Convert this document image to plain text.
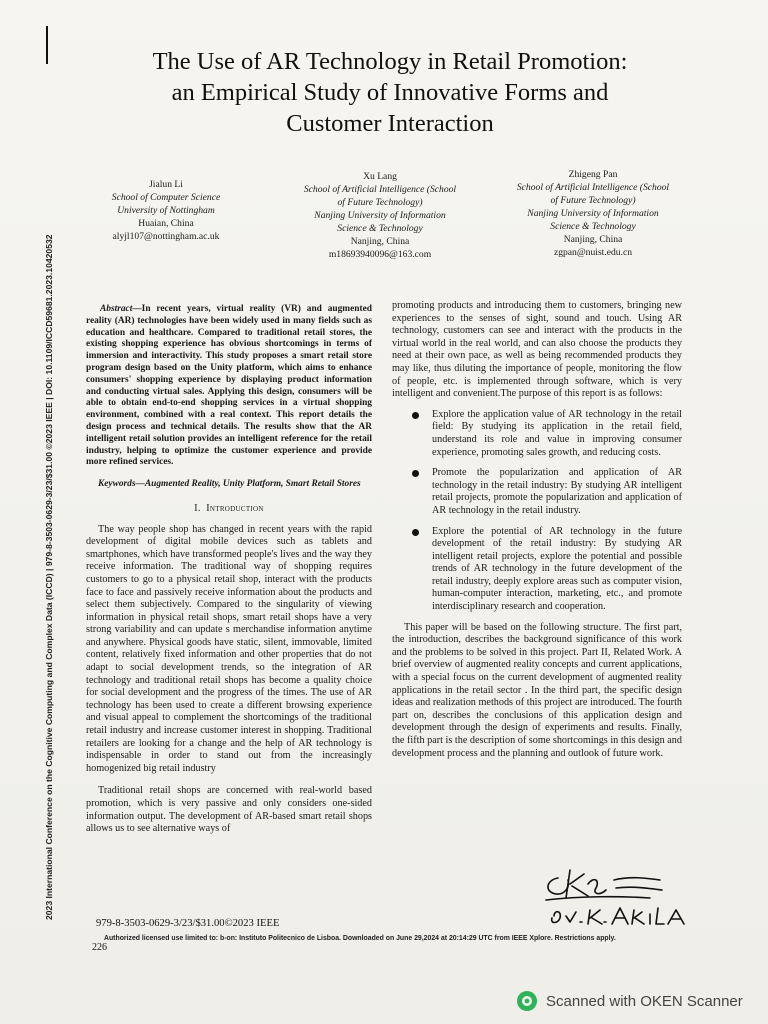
2023 International Conference on the Cognitive Computing and Complex Data (ICCD) | 979-8-3503-0629-3/23/$31.00 ©2023 IEEE | DOI: 10.1109/ICCD59681.2023.10420532
The Use of AR Technology in Retail Promotion:
an Empirical Study of Innovative Forms and
Customer Interaction
Jialun Li
School of Computer Science
University of Nottingham
Huaian, China
alyjl107@nottingham.ac.uk
Xu Lang
School of Artificial Intelligence (School
of Future Technology)
Nanjing University of Information
Science & Technology
Nanjing, China
m18693940096@163.com
Zhigeng Pan
School of Artificial Intelligence (School
of Future Technology)
Nanjing University of Information
Science & Technology
Nanjing, China
zgpan@nuist.edu.cn

Abstract—In recent years, virtual reality (VR) and augmented reality (AR) technologies have been widely used in many fields such as education and healthcare. Compared to traditional retail stores, the existing shopping experience has obvious shortcomings in terms of immersion and interactivity. This study proposes a smart retail store program design based on the Unity platform, which aims to enhance consumers' shopping experience by displaying product information and conducting virtual sales. Applying this design, consumers will be able to obtain end-to-end shopping services in a virtual shopping environment, combined with a real context. This report details the design process and technical details. The results show that the AR intelligent retail solution provides an intelligent reference for the retail industry, helping to optimize the customer experience and provide more refined services.

Keywords—Augmented Reality, Unity Platform, Smart Retail Stores

I. Introduction

The way people shop has changed in recent years with the rapid development of digital mobile devices such as tablets and smartphones, which have transformed people's lives and the way they receive information. The traditional way of shopping requires customers to go to a physical retail shop, interact with the products face to face and passively receive information about the products and select them subjectively. Compared to the singularity of viewing information in physical retail shops, smart retail shops have a very strong variability and can update s merchandise information anytime and anywhere. Physical goods have static, silent, immovable, limited content, relatively fixed information and other properties that do not adapt to social development trends, so the integration of AR technology and traditional retail shops has become a quality choice for social development and the progress of the times. The use of AR technology has been used to create a different browsing experience and visual appeal to complement the shortcomings of the traditional retail industry and increase customer interest in shopping. Traditional retailers are looking for a change and the help of AR technology is indispensable in order to stand out from the increasingly homogenized big retail industry

Traditional retail shops are concerned with real-world based promotion, which is very passive and only considers one-sided information output. The development of AR-based smart retail shops allows us to see alternative ways of

promoting products and introducing them to customers, bringing new experiences to the senses of sight, sound and touch. Using AR technology, customers can see and interact with the products in the virtual world in the real world, and can also choose the products they need at their own pace, as well as being recommended products they may like, thus diluting the importance of people, monitoring the flow of people, etc. is implemented through software, which is very intelligent and convenient.The purpose of this report is as follows:

Explore the application value of AR technology in the retail field: By studying its application in the retail field, understand its role and value in improving consumer experience, promoting sales growth, and reducing costs.
Promote the popularization and application of AR technology in the retail industry: By studying AR intelligent retail projects, promote the popularization and application of AR technology in the retail industry.
Explore the potential of AR technology in the future development of the retail industry: By studying AR intelligent retail projects, explore the potential and possible trends of AR technology in the future development of the retail industry, deeply explore areas such as computer vision, human-computer interaction, marketing, etc., and promote interdisciplinary research and cooperation.

This paper will be based on the following structure. The first part, the introduction, describes the background significance of this work and the problems to be solved in this project. Part II, Related Work. A brief overview of augmented reality concepts and current applications, with a special focus on the current development of augmented reality applications in the retail sector . In the third part, the specific design ideas and realization methods of this project are introduced. The fourth part on, describes the conclusions of this application design and development through the design of experiments and results. Finally, the fifth part is the description of some shortcomings in this design and development process and the planning and outlook of future work.

979-8-3503-0629-3/23/$31.00©2023 IEEE
226
Authorized licensed use limited to: b-on: Instituto Politecnico de Lisboa. Downloaded on June 29,2024 at 20:14:29 UTC from IEEE Xplore. Restrictions apply.
Scanned with OKEN Scanner
